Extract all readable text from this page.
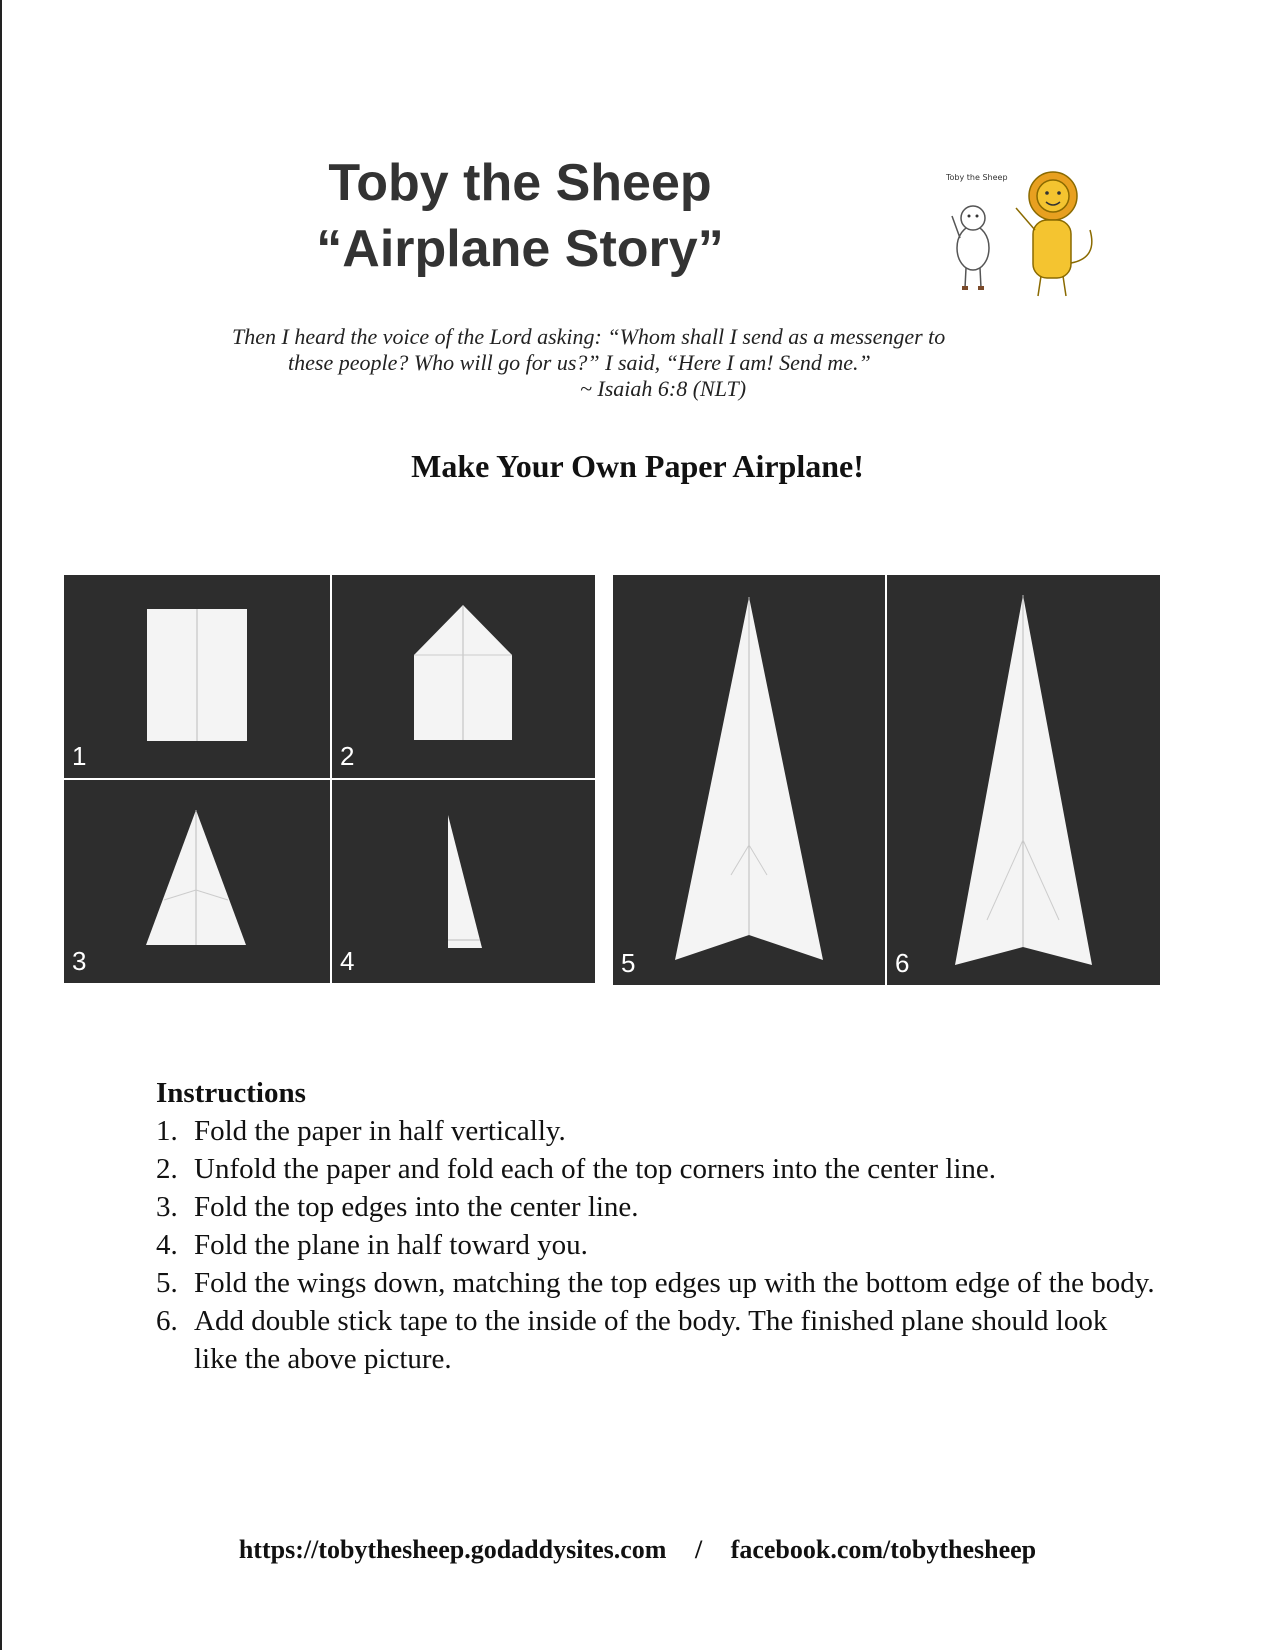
Toby the Sheep
“Airplane Story”
Toby the Sheep
Then I heard the voice of the Lord asking: “Whom shall I send as a messenger to
these people? Who will go for us?” I said, “Here I am! Send me.”
~ Isaiah 6:8 (NLT)
Make Your Own Paper Airplane!
1	2
3	4	5	6
Instructions
1. Fold the paper in half vertically.
2. Unfold the paper and fold each of the top corners into the center line.
3. Fold the top edges into the center line.
4. Fold the plane in half toward you.
5. Fold the wings down, matching the top edges up with the bottom edge of the body.
6. Add double stick tape to the inside of the body. The finished plane should look like the above picture.
https://tobythesheep.godaddysites.com / facebook.com/tobythesheep
